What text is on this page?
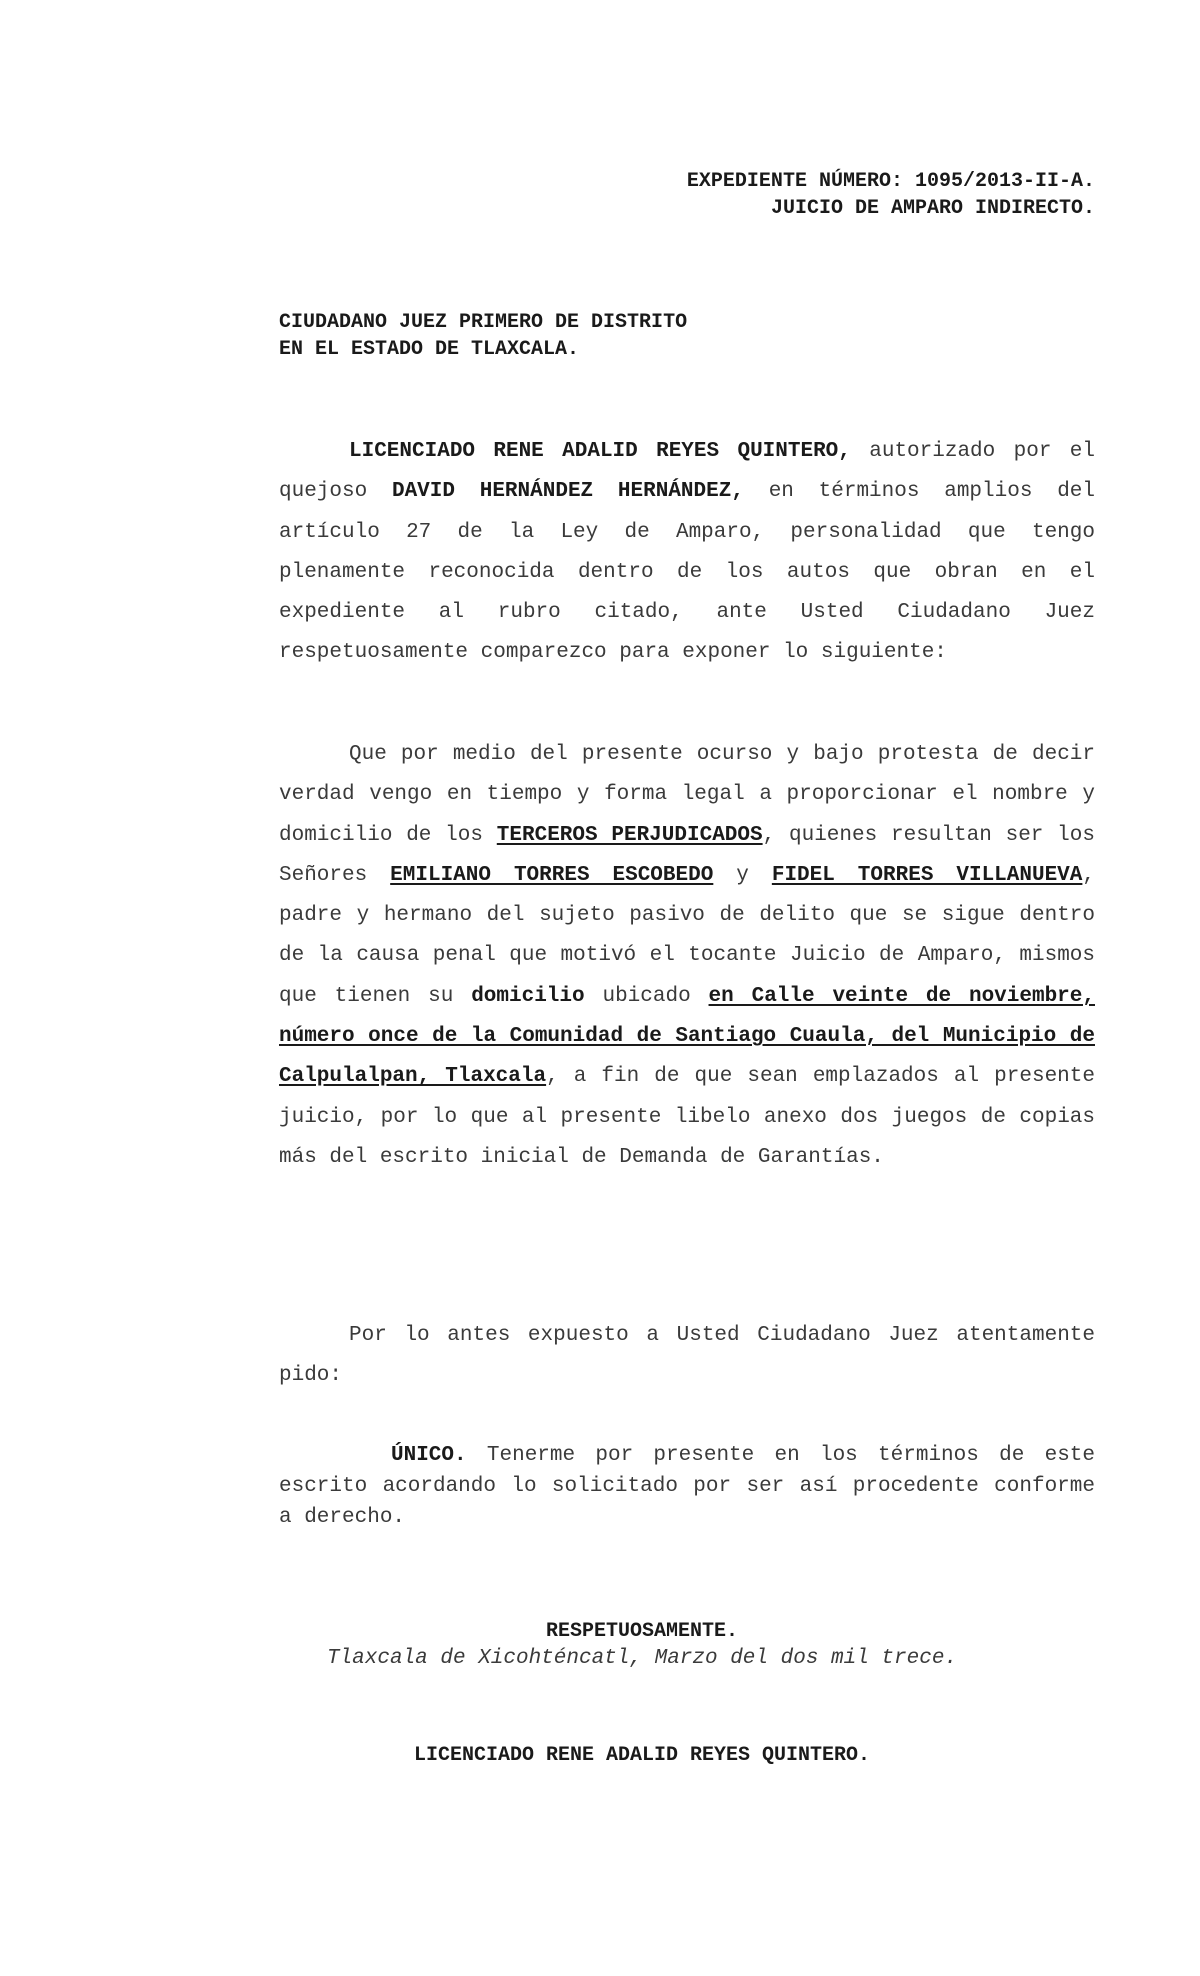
EXPEDIENTE NÚMERO: 1095/2013-II-A.
JUICIO DE AMPARO INDIRECTO.
CIUDADANO JUEZ PRIMERO DE DISTRITO
EN EL ESTADO DE TLAXCALA.
LICENCIADO RENE ADALID REYES QUINTERO, autorizado por el quejoso DAVID HERNÁNDEZ HERNÁNDEZ, en términos amplios del artículo 27 de la Ley de Amparo, personalidad que tengo plenamente reconocida dentro de los autos que obran en el expediente al rubro citado, ante Usted Ciudadano Juez respetuosamente comparezco para exponer lo siguiente:
Que por medio del presente ocurso y bajo protesta de decir verdad vengo en tiempo y forma legal a proporcionar el nombre y domicilio de los TERCEROS PERJUDICADOS, quienes resultan ser los Señores EMILIANO TORRES ESCOBEDO y FIDEL TORRES VILLANUEVA, padre y hermano del sujeto pasivo de delito que se sigue dentro de la causa penal que motivó el tocante Juicio de Amparo, mismos que tienen su domicilio ubicado en Calle veinte de noviembre, número once de la Comunidad de Santiago Cuaula, del Municipio de Calpulalpan, Tlaxcala, a fin de que sean emplazados al presente juicio, por lo que al presente libelo anexo dos juegos de copias más del escrito inicial de Demanda de Garantías.
Por lo antes expuesto a Usted Ciudadano Juez atentamente pido:
ÚNICO. Tenerme por presente en los términos de este escrito acordando lo solicitado por ser así procedente conforme a derecho.
RESPETUOSAMENTE.
Tlaxcala de Xicohténcatl, Marzo del dos mil trece.
LICENCIADO RENE ADALID REYES QUINTERO.
